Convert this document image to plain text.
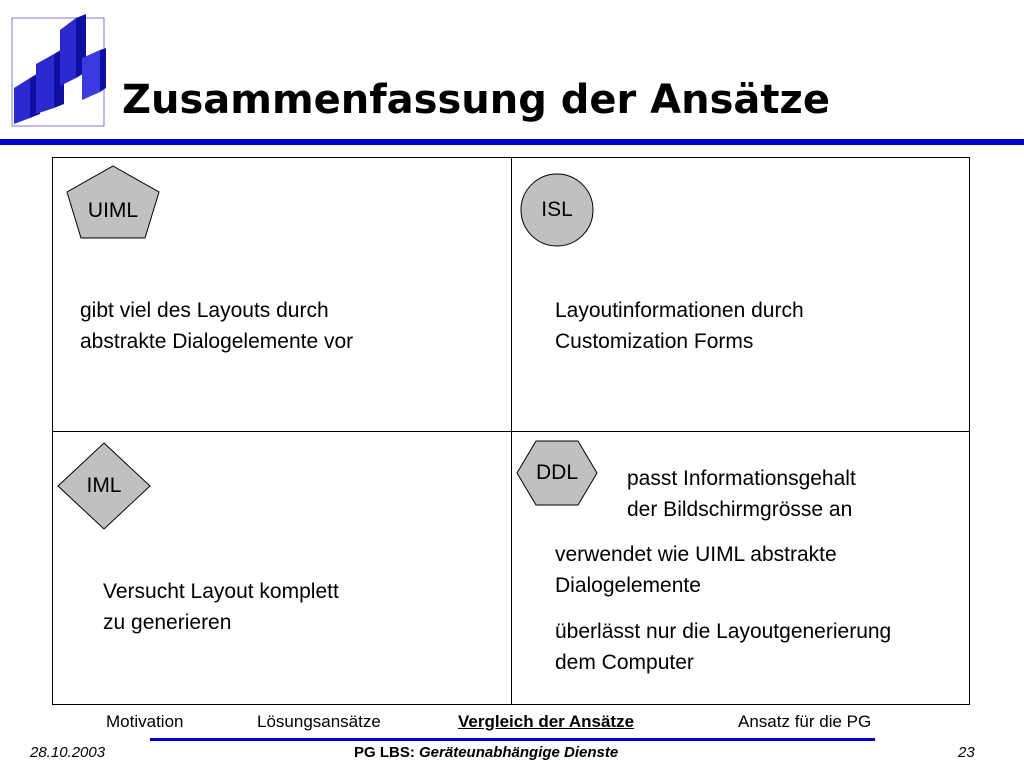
Zusammenfassung der Ansätze
UIML

gibt viel des Layouts durch
abstrakte Dialogelemente vor

ISL

Layoutinformationen durch
Customization Forms

IML

Versucht Layout komplett
zu generieren

DDL	passt Informationsgehalt
der Bildschirmgrösse an

verwendet wie UIML abstrakte
Dialogelemente

überlässt nur die Layoutgenerierung
dem Computer

Motivation	Lösungsansätze	Vergleich der Ansätze	Ansatz für die PG
28.10.2003	PG LBS: Geräteunabhängige Dienste	23
